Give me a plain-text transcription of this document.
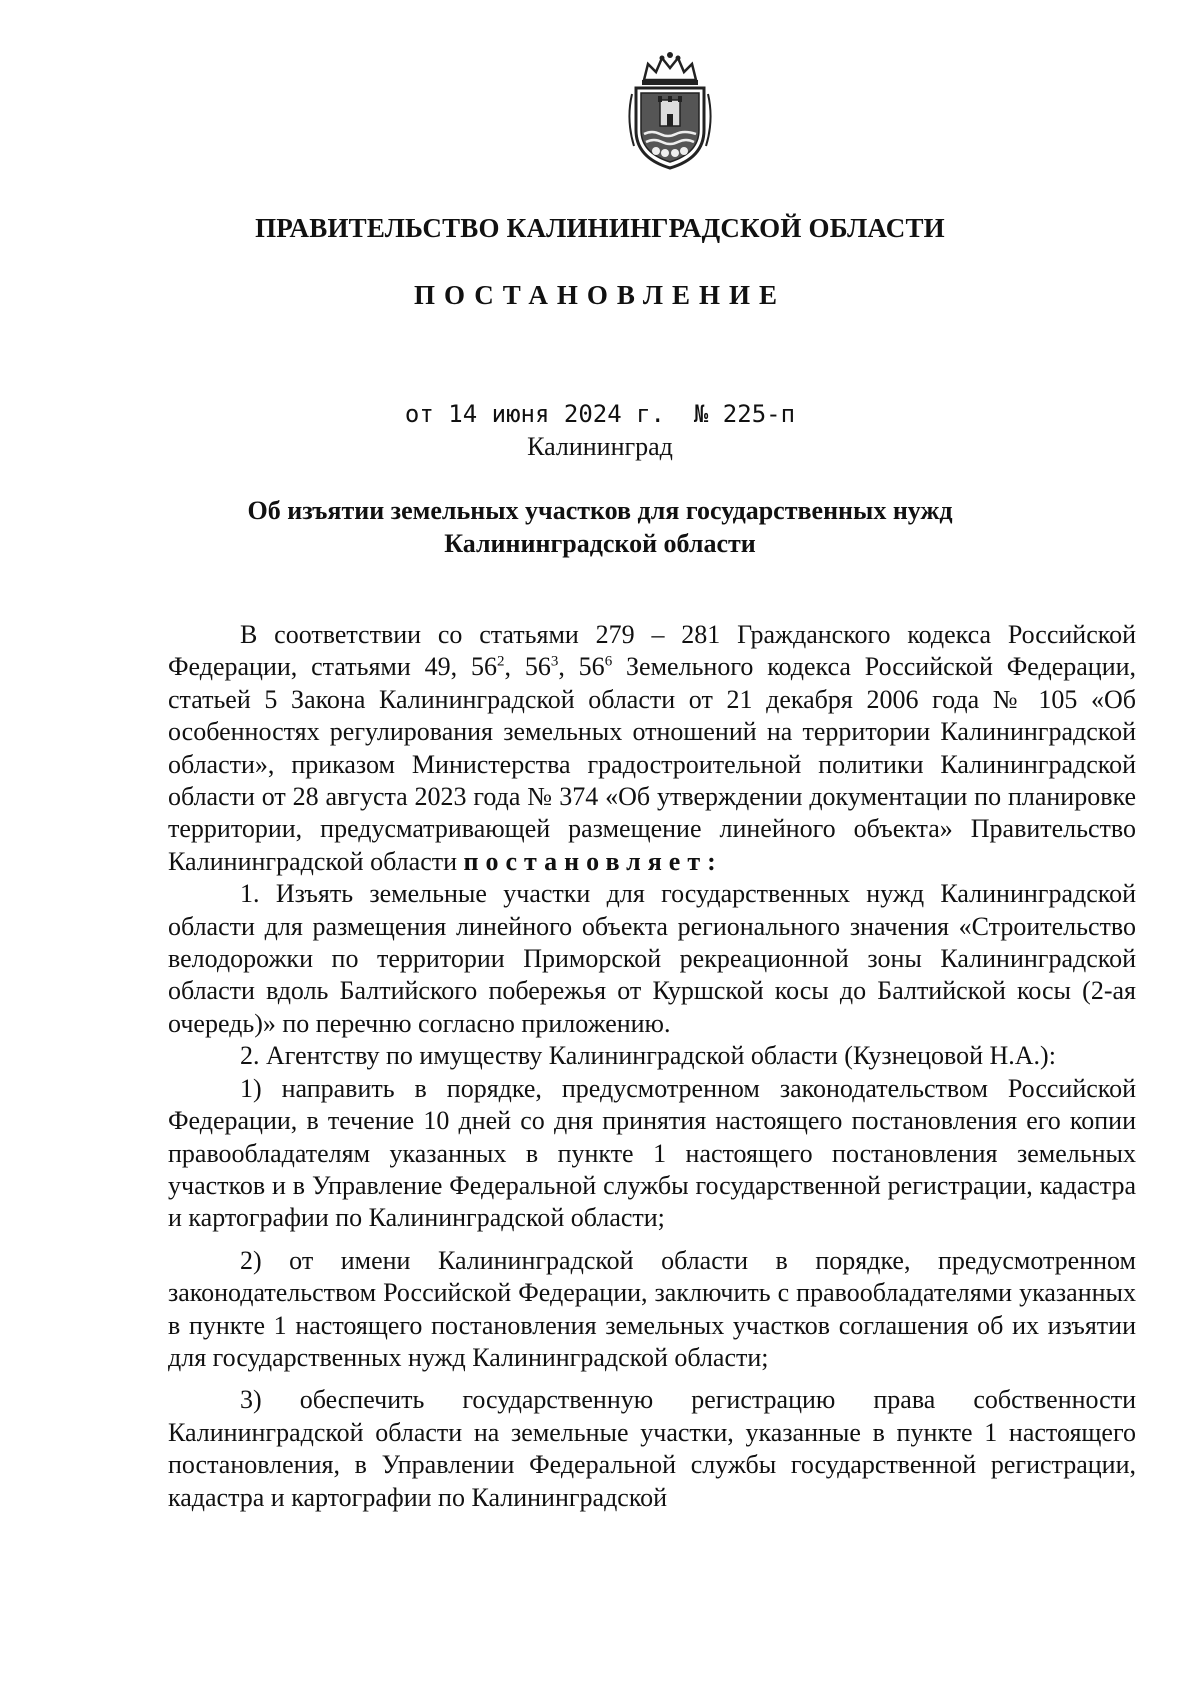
ПРАВИТЕЛЬСТВО КАЛИНИНГРАДСКОЙ ОБЛАСТИ
ПОСТАНОВЛЕНИЕ
от 14 июня 2024 г.  № 225-п
Калининград
Об изъятии земельных участков для государственных нужд
Калининградской области

В соответствии со статьями 279 – 281 Гражданского кодекса Российской Федерации, статьями 49, $56^2$, $56^3$, $56^6$ Земельного кодекса Российской Федерации, статьей 5 Закона Калининградской области от 21 декабря 2006 года № 105 «Об особенностях регулирования земельных отношений на территории Калининградской области», приказом Министерства градостроительной политики Калининградской области от 28 августа 2023 года № 374 «Об утверждении документации по планировке территории, предусматривающей размещение линейного объекта» Правительство Калининградской области постановляет:

1. Изъять земельные участки для государственных нужд Калининградской области для размещения линейного объекта регионального значения «Строительство велодорожки по территории Приморской рекреационной зоны Калининградской области вдоль Балтийского побережья от Куршской косы до Балтийской косы (2-ая очередь)» по перечню согласно приложению.

2. Агентству по имуществу Калининградской области (Кузнецовой Н.А.):

1) направить в порядке, предусмотренном законодательством Российской Федерации, в течение 10 дней со дня принятия настоящего постановления его копии правообладателям указанных в пункте 1 настоящего постановления земельных участков и в Управление Федеральной службы государственной регистрации, кадастра и картографии по Калининградской области;

2) от имени Калининградской области в порядке, предусмотренном законодательством Российской Федерации, заключить с правообладателями указанных в пункте 1 настоящего постановления земельных участков соглашения об их изъятии для государственных нужд Калининградской области;

3) обеспечить государственную регистрацию права собственности Калининградской области на земельные участки, указанные в пункте 1 настоящего постановления, в Управлении Федеральной службы государственной регистрации, кадастра и картографии по Калининградской
